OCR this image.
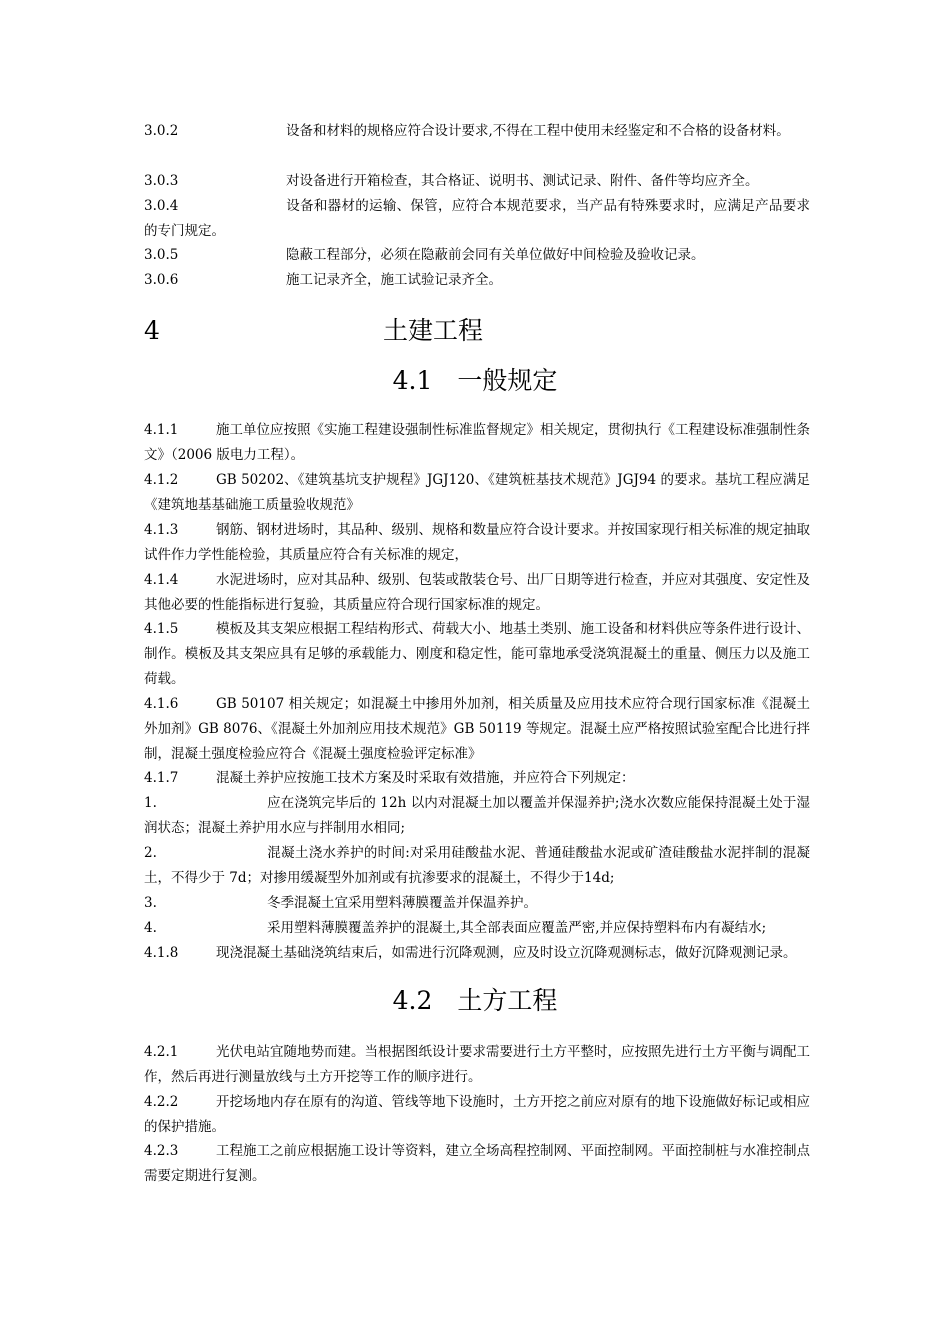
3.0.2	设备和材料的规格应符合设计要求,不得在工程中使用未经鉴定和不合格的设备材料。

3.0.3	对设备进行开箱检查，其合格证、说明书、测试记录、附件、备件等均应齐全。

3.0.4	设备和器材的运输、保管，应符合本规范要求，当产品有特殊要求时，应满足产品要求的专门规定。

3.0.5	隐蔽工程部分，必须在隐蔽前会同有关单位做好中间检验及验收记录。

3.0.6	施工记录齐全，施工试验记录齐全。

4	土建工程
4.1　一般规定

4.1.1	施工单位应按照《实施工程建设强制性标准监督规定》相关规定，贯彻执行《工程建设标准强制性条文》（2006 版电力工程）。

4.1.2	GB 50202、《建筑基坑支护规程》JGJ120、《建筑桩基技术规范》JGJ94 的要求。基坑工程应满足《建筑地基基础施工质量验收规范》

4.1.3	钢筋、钢材进场时，其品种、级别、规格和数量应符合设计要求。并按国家现行相关标准的规定抽取试件作力学性能检验，其质量应符合有关标准的规定，

4.1.4	水泥进场时，应对其品种、级别、包装或散装仓号、出厂日期等进行检查，并应对其强度、安定性及其他必要的性能指标进行复验，其质量应符合现行国家标准的规定。

4.1.5	模板及其支架应根据工程结构形式、荷载大小、地基土类别、施工设备和材料供应等条件进行设计、制作。模板及其支架应具有足够的承载能力、刚度和稳定性，能可靠地承受浇筑混凝土的重量、侧压力以及施工荷载。

4.1.6	GB 50107 相关规定；如混凝土中掺用外加剂，相关质量及应用技术应符合现行国家标准《混凝土外加剂》GB 8076、《混凝土外加剂应用技术规范》GB 50119 等规定。混凝土应严格按照试验室配合比进行拌制，混凝土强度检验应符合《混凝土强度检验评定标准》

4.1.7	混凝土养护应按施工技术方案及时采取有效措施，并应符合下列规定：

1.	应在浇筑完毕后的 12h 以内对混凝土加以覆盖并保湿养护;浇水次数应能保持混凝土处于湿润状态；混凝土养护用水应与拌制用水相同;

2.	混凝土浇水养护的时间:对采用硅酸盐水泥、普通硅酸盐水泥或矿渣硅酸盐水泥拌制的混凝土，不得少于 7d；对掺用缓凝型外加剂或有抗渗要求的混凝土，不得少于14d;

3.	冬季混凝土宜采用塑料薄膜覆盖并保温养护。

4.	采用塑料薄膜覆盖养护的混凝土,其全部表面应覆盖严密,并应保持塑料布内有凝结水;

4.1.8	现浇混凝土基础浇筑结束后，如需进行沉降观测，应及时设立沉降观测标志，做好沉降观测记录。

4.2　土方工程

4.2.1	光伏电站宜随地势而建。当根据图纸设计要求需要进行土方平整时，应按照先进行土方平衡与调配工作，然后再进行测量放线与土方开挖等工作的顺序进行。

4.2.2	开挖场地内存在原有的沟道、管线等地下设施时，土方开挖之前应对原有的地下设施做好标记或相应的保护措施。

4.2.3	工程施工之前应根据施工设计等资料，建立全场高程控制网、平面控制网。平面控制桩与水准控制点需要定期进行复测。
